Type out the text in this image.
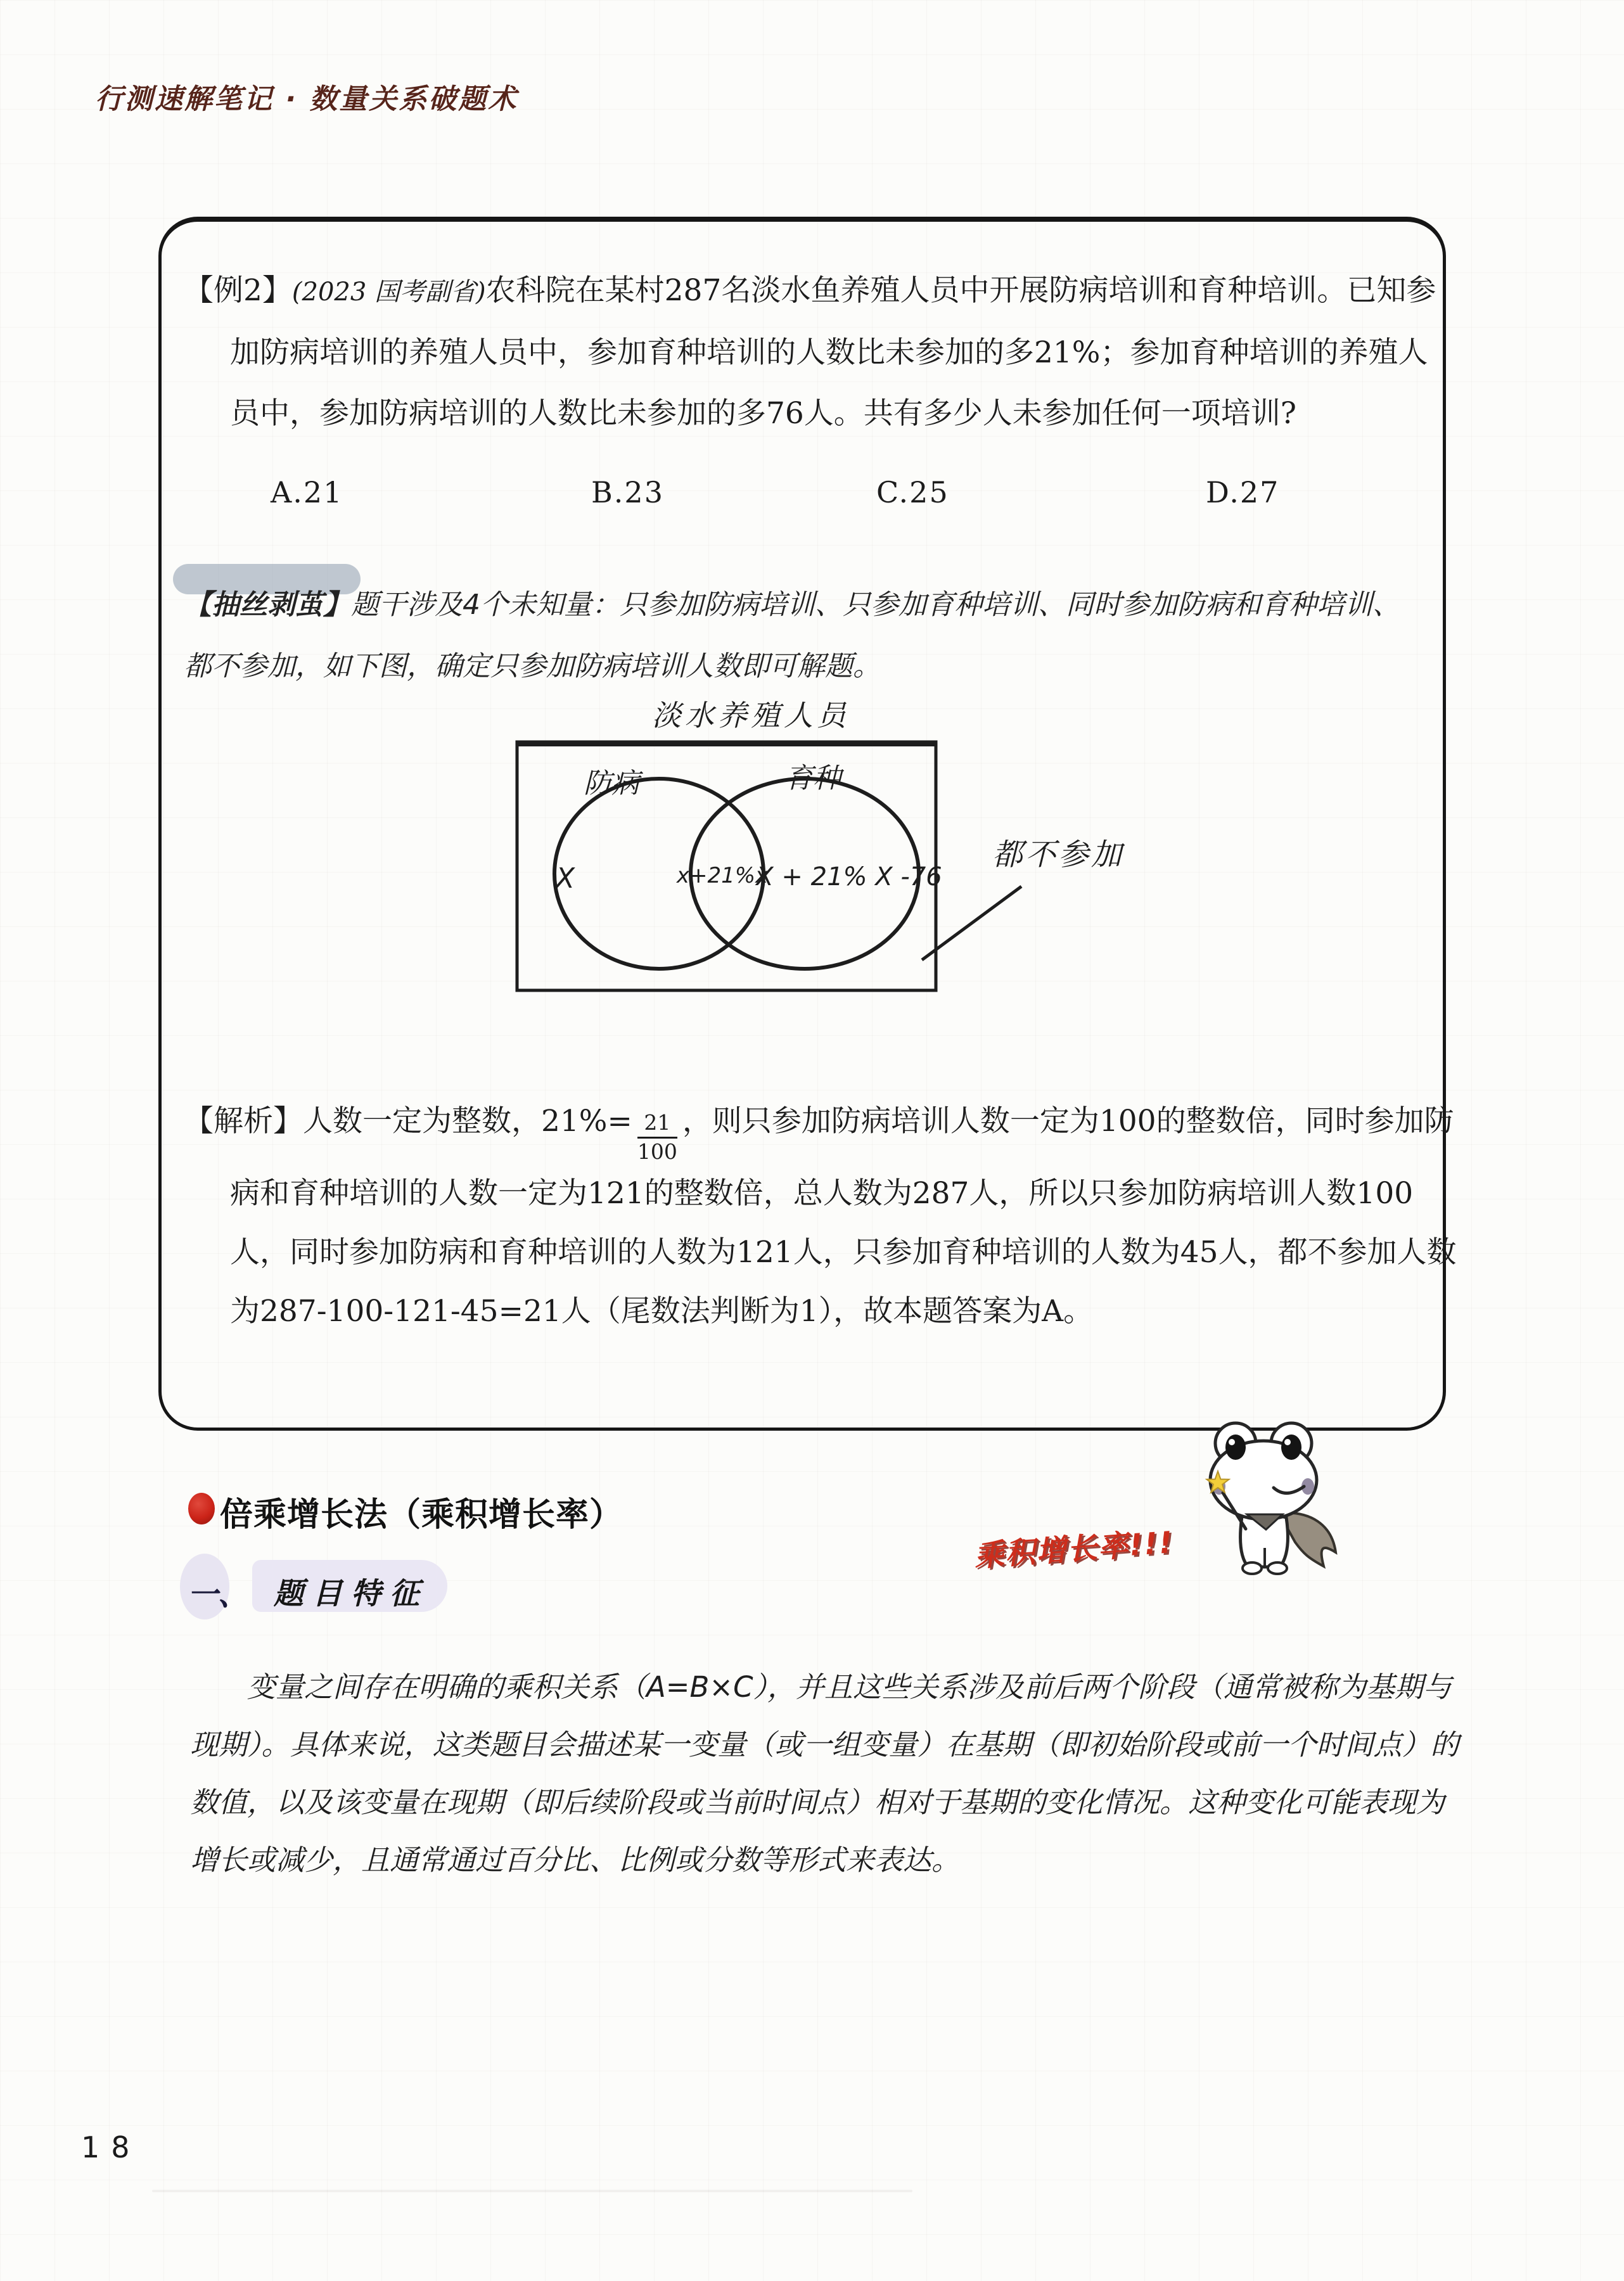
行测速解笔记 · 数量关系破题术

【例2】(2023 国考副省)农科院在某村287名淡水鱼养殖人员中开展防病培训和育种培训。已知参加防病培训的养殖人员中，参加育种培训的人数比未参加的多21%；参加育种培训的养殖人员中，参加防病培训的人数比未参加的多76人。共有多少人未参加任何一项培训?

A.21	B.23	C.25	D.27

【抽丝剥茧】题干涉及4个未知量：只参加防病培训、只参加育种培训、同时参加防病和育种培训、都不参加，如下图，确定只参加防病培训人数即可解题。

淡水养殖人员
防病	育种
X	x+21%x
X + 21% X -76
都不参加

【解析】人数一定为整数，$21\%= \frac{21}{100}$ ，则只参加防病培训人数一定为100的整数倍，同时参加防病和育种培训的人数一定为121的整数倍，总人数为287人，所以只参加防病培训人数100人，同时参加防病和育种培训的人数为121人，只参加育种培训的人数为45人，都不参加人数为287-100-121-45=21人（尾数法判断为1），故本题答案为A。

倍乘增长法（乘积增长率）
乘积增长率!!!
一、 题目特征

变量之间存在明确的乘积关系（A=B×C），并且这些关系涉及前后两个阶段（通常被称为基期与现期）。具体来说，这类题目会描述某一变量（或一组变量）在基期（即初始阶段或前一个时间点）的数值，以及该变量在现期（即后续阶段或当前时间点）相对于基期的变化情况。这种变化可能表现为增长或减少，且通常通过百分比、比例或分数等形式来表达。

18
